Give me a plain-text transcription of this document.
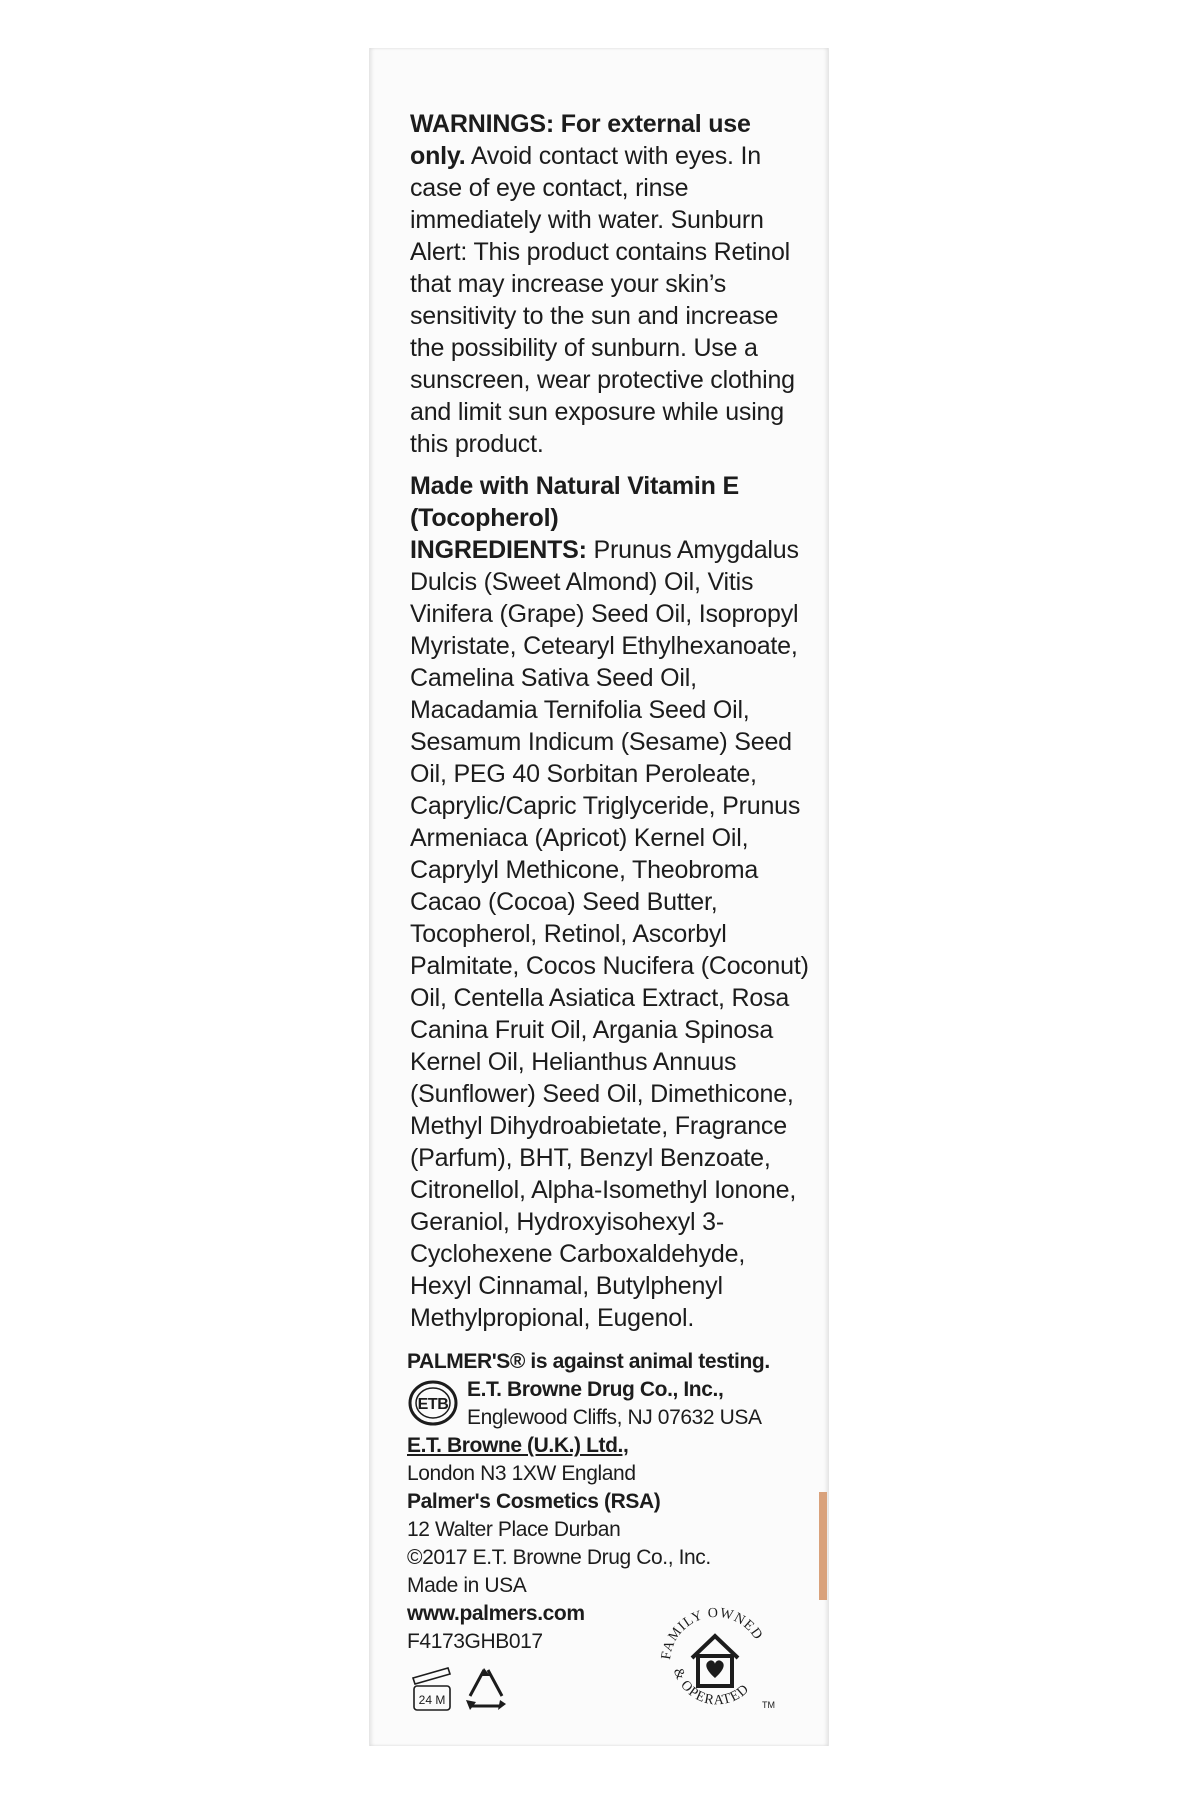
WARNINGS: For external use only. Avoid contact with eyes. In case of eye contact, rinse immediately with water. Sunburn Alert: This product contains Retinol that may increase your skin’s sensitivity to the sun and increase the possibility of sunburn. Use a sunscreen, wear protective clothing and limit sun exposure while using this product.

Made with Natural Vitamin E (Tocopherol)

INGREDIENTS: Prunus Amygdalus Dulcis (Sweet Almond) Oil, Vitis Vinifera (Grape) Seed Oil, Isopropyl Myristate, Cetearyl Ethylhexanoate, Camelina Sativa Seed Oil, Macadamia Ternifolia Seed Oil, Sesamum Indicum (Sesame) Seed Oil, PEG 40 Sorbitan Peroleate, Caprylic/Capric Triglyceride, Prunus Armeniaca (Apricot) Kernel Oil, Caprylyl Methicone, Theobroma Cacao (Cocoa) Seed Butter, Tocopherol, Retinol, Ascorbyl Palmitate, Cocos Nucifera (Coconut) Oil, Centella Asiatica Extract, Rosa Canina Fruit Oil, Argania Spinosa Kernel Oil, Helianthus Annuus (Sunflower) Seed Oil, Dimethicone, Methyl Dihydroabietate, Fragrance (Parfum), BHT, Benzyl Benzoate, Citronellol, Alpha-Isomethyl Ionone, Geraniol, Hydroxyisohexyl 3-Cyclohexene Carboxaldehyde, Hexyl Cinnamal, Butylphenyl Methylpropional, Eugenol.

PALMER'S® is against animal testing.
ETB
E.T. Browne Drug Co., Inc.,
Englewood Cliffs, NJ 07632 USA
E.T. Browne (U.K.) Ltd.,
London N3 1XW England
Palmer's Cosmetics (RSA)
12 Walter Place Durban
©2017 E.T. Browne Drug Co., Inc.
Made in USA
www.palmers.com
F4173GHB017
24 M
FAMILY OWNED
& OPERATED
TM
